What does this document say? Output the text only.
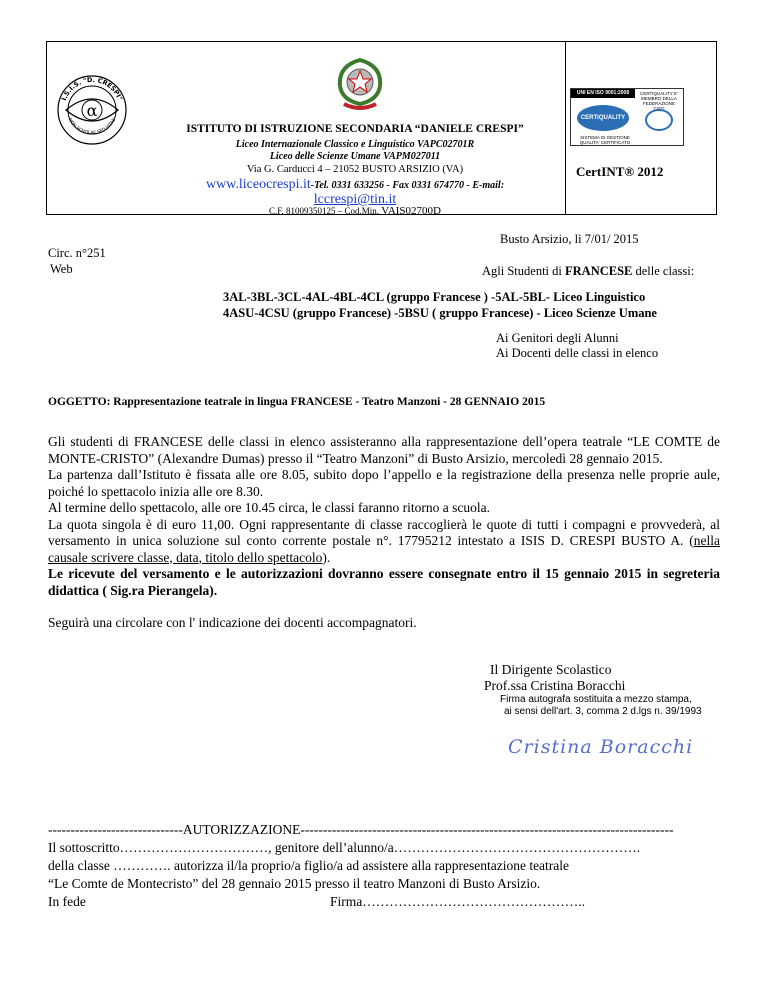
α
I.S.I.S. "D. CRESPI"
NON SCHOLAE SED VITAE
UNI EN ISO 9001:2008	CERTIQUALITY E' MEMBRO DELLA FEDERAZIONE CISQ
CERTIQUALITY
SISTEMA DI GESTIONE QUALITA' CERTIFICATO
ISTITUTO DI ISTRUZIONE SECONDARIA “DANIELE CRESPI”
Liceo Internazionale Classico e Linguistico VAPC02701R
Liceo delle Scienze Umane VAPM027011
Via G. Carducci 4 – 21052 BUSTO ARSIZIO (VA)
www.liceocrespi.it-Tel. 0331 633256 - Fax 0331 674770 - E-mail:
lccrespi@tin.it
C.F. 81009350125 – Cod.Min. VAIS02700D
CertINT® 2012
Circ. n°251
Web
Busto Arsizio, lì 7/01/ 2015
Agli Studenti di FRANCESE delle classi:
3AL-3BL-3CL-4AL-4BL-4CL (gruppo Francese ) -5AL-5BL- Liceo Linguistico
4ASU-4CSU (gruppo Francese) -5BSU ( gruppo Francese) - Liceo Scienze Umane
Ai Genitori degli Alunni
Ai Docenti delle classi in elenco
OGGETTO: Rappresentazione teatrale in lingua FRANCESE - Teatro Manzoni - 28 GENNAIO 2015
Gli studenti di FRANCESE delle classi in elenco assisteranno alla rappresentazione dell’opera teatrale “LE COMTE de MONTE-CRISTO” (Alexandre Dumas) presso il “Teatro Manzoni” di Busto Arsizio, mercoledì 28 gennaio 2015.
La partenza dall’Istituto è fissata alle ore 8.05, subito dopo l’appello e la registrazione della presenza nelle proprie aule, poiché lo spettacolo inizia alle ore 8.30.
Al termine dello spettacolo, alle ore 10.45 circa, le classi faranno ritorno a scuola.
La quota singola è di euro 11,00. Ogni rappresentante di classe raccoglierà le quote di tutti i compagni e provvederà, al versamento in unica soluzione sul conto corrente postale n°. 17795212 intestato a ISIS D. CRESPI BUSTO A. (nella causale scrivere classe, data, titolo dello spettacolo).
Le ricevute del versamento e le autorizzazioni dovranno essere consegnate entro il 15 gennaio 2015 in segreteria didattica ( Sig.ra Pierangela).
Seguirà una circolare con l' indicazione dei docenti accompagnatori.
Il Dirigente Scolastico
Prof.ssa Cristina Boracchi
Firma autografa sostituita a mezzo stampa,
ai sensi dell'art. 3, comma 2 d.lgs n. 39/1993
Cristina Boracchi
------------------------------AUTORIZZAZIONE-----------------------------------------------------------------------------------
Il sottoscritto……………………………, genitore dell’alunno/a……………………………………………….
della classe …………. autorizza il/la proprio/a figlio/a ad assistere alla rappresentazione teatrale
“Le Comte de Montecristo” del 28 gennaio 2015 presso il teatro Manzoni di Busto Arsizio.
In fede	Firma…………………………………………..
